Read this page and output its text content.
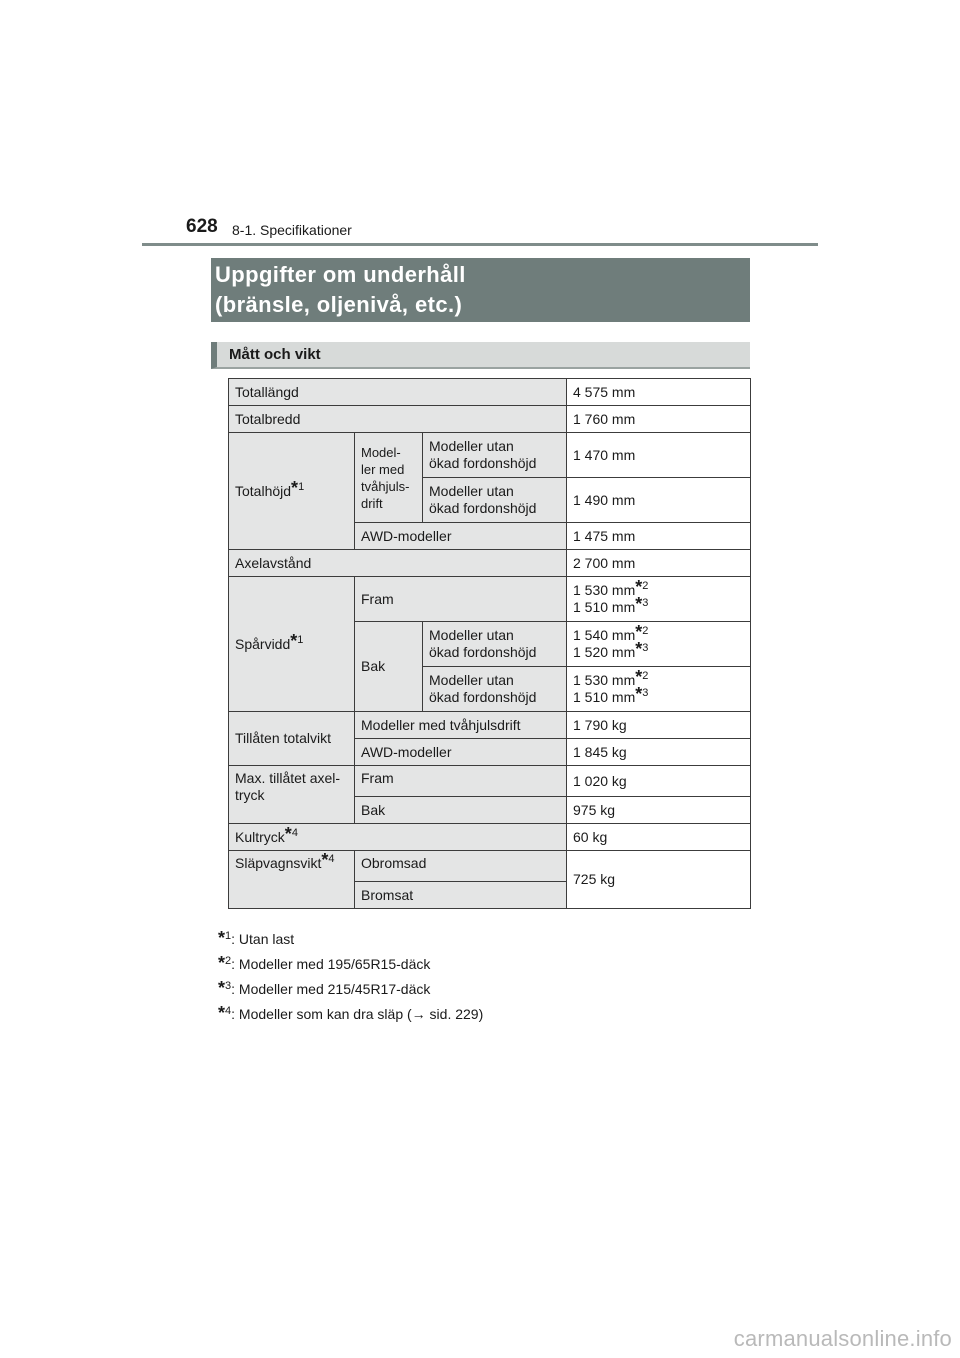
628 8-1. Specifikationer
Uppgifter om underhåll
(bränsle, oljenivå, etc.)
Mått och vikt
Totallängd			4 575 mm
Totalbredd			1 760 mm
Totalhöjd$^{*^1}$	Model-
ler med
tvåhjuls-
drift	Modeller utan
ökad fordonshöjd	1 470 mm
		Modeller utan
ökad fordonshöjd	1 490 mm
	AWD-modeller		1 475 mm
Axelavstånd			2 700 mm
Spårvidd$^{*^1}$	Fram		1 530 $mm^{*^2}$
1 510 $mm^{*^3}$
	Bak	Modeller utan
ökad fordonshöjd	1 540 $mm^{*^2}$
1 520 $mm^{*^3}$
		Modeller utan
ökad fordonshöjd	1 530 $mm^{*^2}$
1 510 $mm^{*^3}$
Tillåten totalvikt	Modeller med tvåhjulsdrift		1 790 kg
	AWD-modeller		1 845 kg
Max. tillåtet axel-
tryck	Fram		1 020 kg
	Bak		975 kg
Kultryck$^{*^4}$			60 kg
Släpvagnsvikt$^{*^4}$	Obromsad		725 kg
	Bromsat		
*$^1$: Utan last
*$^2$: Modeller med 195/65R15-däck
*$^3$: Modeller med 215/45R17-däck
*$^4$: Modeller som kan dra släp (→ sid. 229)
carmanualsonline.info
